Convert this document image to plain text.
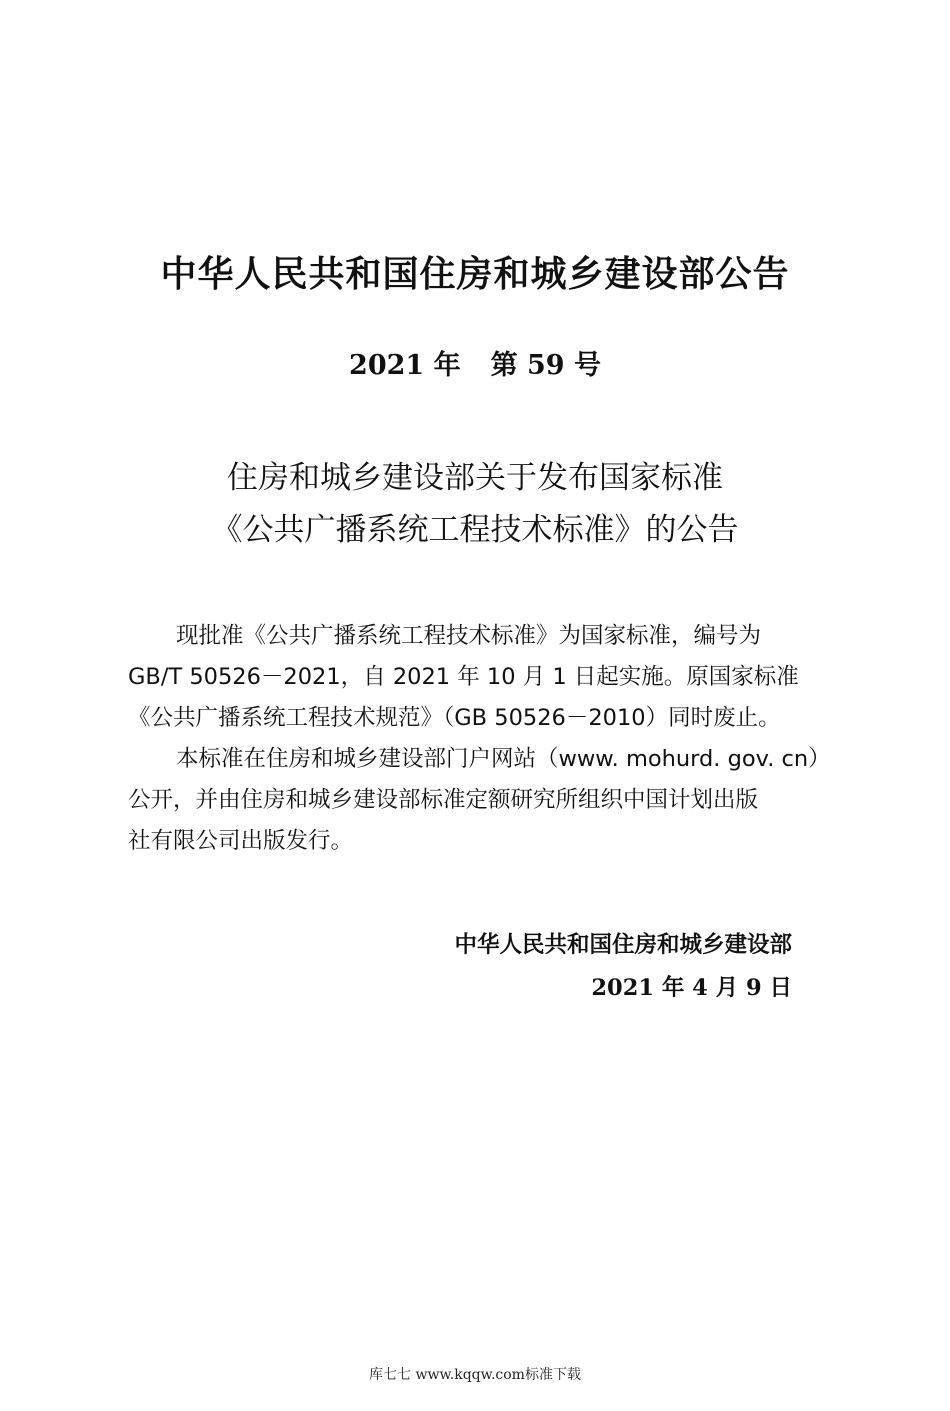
中华人民共和国住房和城乡建设部公告
2021 年 第 59 号
住房和城乡建设部关于发布国家标准
《公共广播系统工程技术标准》的公告

现批准《公共广播系统工程技术标准》为国家标准，编号为

GB/T 50526－2021，自 2021 年 10 月 1 日起实施。原国家标准

《公共广播系统工程技术规范》（GB 50526－2010）同时废止。

本标准在住房和城乡建设部门户网站（www. mohurd. gov. cn）

公开，并由住房和城乡建设部标准定额研究所组织中国计划出版

社有限公司出版发行。

中华人民共和国住房和城乡建设部
2021 年 4 月 9 日
库七七 www.kqqw.com标准下载
